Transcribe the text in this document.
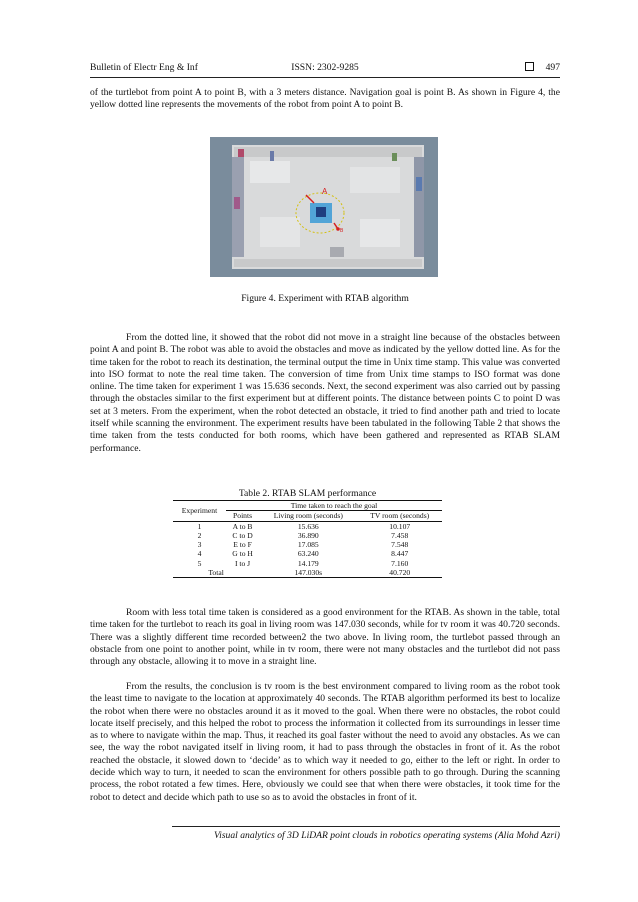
Bulletin of Electr Eng & Inf	ISSN: 2302-9285	497
of the turtlebot from point A to point B, with a 3 meters distance. Navigation goal is point B. As shown in Figure 4, the yellow dotted line represents the movements of the robot from point A to point B.
A
B
Figure 4. Experiment with RTAB algorithm
From the dotted line, it showed that the robot did not move in a straight line because of the obstacles between point A and point B. The robot was able to avoid the obstacles and move as indicated by the yellow dotted line. As for the time taken for the robot to reach its destination, the terminal output the time in Unix time stamp. This value was converted into ISO format to note the real time taken. The conversion of time from Unix time stamps to ISO format was done online. The time taken for experiment 1 was 15.636 seconds. Next, the second experiment was also carried out by passing through the obstacles similar to the first experiment but at different points. The distance between points C to point D was set at 3 meters. From the experiment, when the robot detected an obstacle, it tried to find another path and tried to locate itself while scanning the environment. The experiment results have been tabulated in the following Table 2 that shows the time taken from the tests conducted for both rooms, which have been gathered and represented as RTAB SLAM performance.
Table 2. RTAB SLAM performance
Experiment	Time taken to reach the goal		
	Points	Living room (seconds)	TV room (seconds)
1	A to B	15.636	10.107
2	C to D	36.890	7.458
3	E to F	17.085	7.548
4	G to H	63.240	8.447
5	I to J	14.179	7.160
Total		147.030s	40.720
Room with less total time taken is considered as a good environment for the RTAB. As shown in the table, total time taken for the turtlebot to reach its goal in living room was 147.030 seconds, while for tv room it was 40.720 seconds. There was a slightly different time recorded between2 the two above. In living room, the turtlebot passed through an obstacle from one point to another point, while in tv room, there were not many obstacles and the turtlebot did not pass through any obstacle, allowing it to move in a straight line.
From the results, the conclusion is tv room is the best environment compared to living room as the robot took the least time to navigate to the location at approximately 40 seconds. The RTAB algorithm performed its best to localize the robot when there were no obstacles around it as it moved to the goal. When there were no obstacles, the robot could locate itself precisely, and this helped the robot to process the information it collected from its surroundings in lesser time as to where to navigate within the map. Thus, it reached its goal faster without the need to avoid any obstacles. As we can see, the way the robot navigated itself in living room, it had to pass through the obstacles in front of it. As the robot reached the obstacle, it slowed down to ‘decide’ as to which way it needed to go, either to the left or right. In order to decide which way to turn, it needed to scan the environment for others possible path to go through. During the scanning process, the robot rotated a few times. Here, obviously we could see that when there were obstacles, it took time for the robot to detect and decide which path to use so as to avoid the obstacles in front of it.
Visual analytics of 3D LiDAR point clouds in robotics operating systems (Alia Mohd Azri)
